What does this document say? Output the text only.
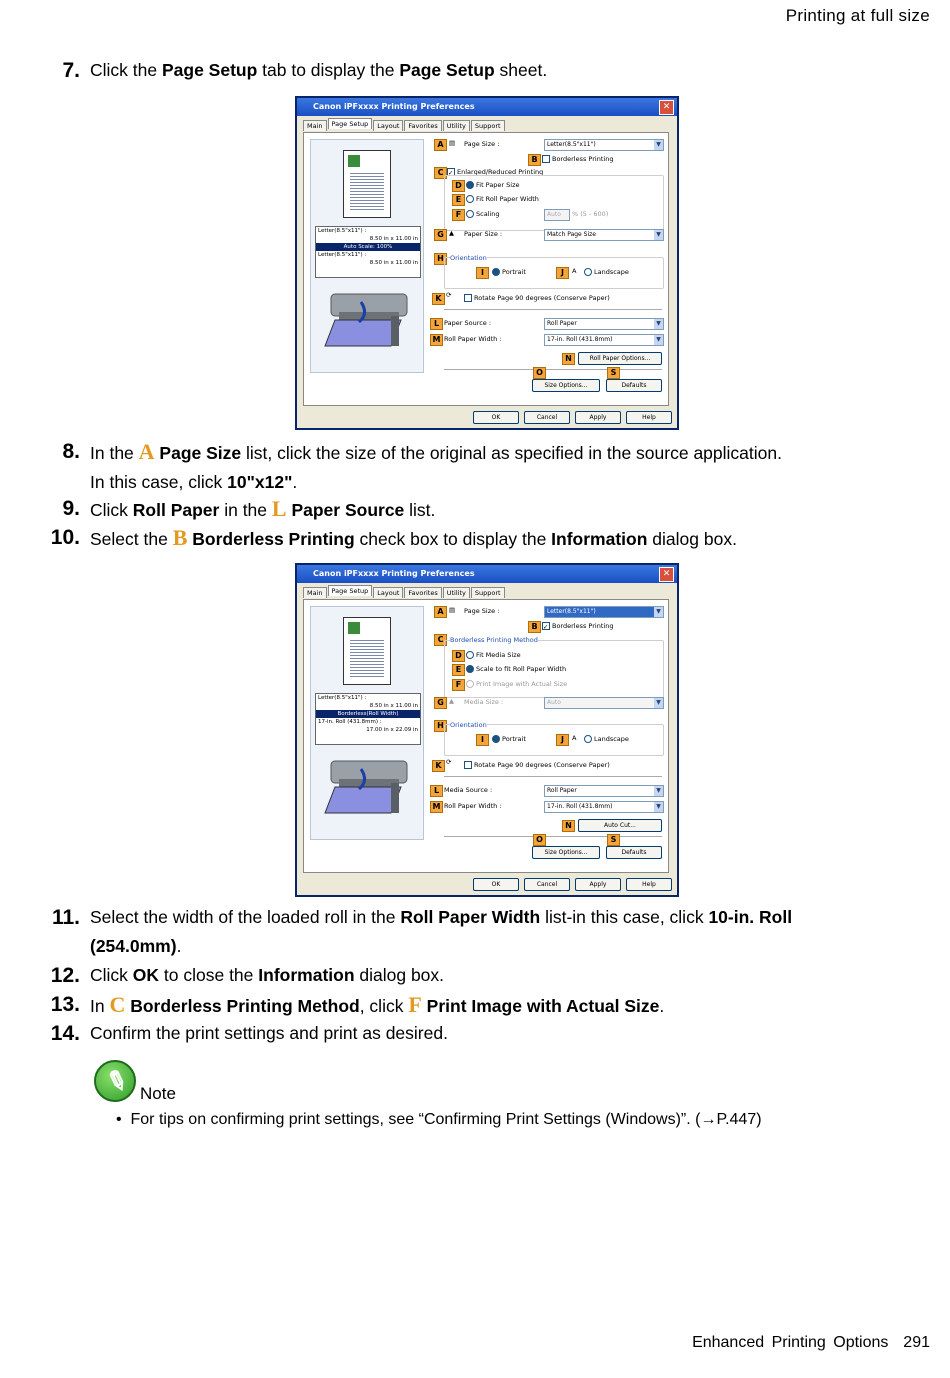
Printing at full size
7. Click the Page Setup tab to display the Page Setup sheet.
Canon iPFxxxx Printing Preferences	✕
Main Page Setup Layout Favorites Utility Support
Letter(8.5"x11") :
8.50 in x 11.00 in
Auto Scale: 100%
Letter(8.5"x11") :
8.50 in x 11.00 in
A ▤ Page Size :	Letter(8.5"x11")	▼
B	Borderless Printing
C ✓ Enlarged/Reduced Printing
D	Fit Paper Size
E	Fit Roll Paper Width
F	Scaling	Auto	% (5 - 600)
G ▲ Paper Size :	Match Page Size	▼
H Orientation
I	Portrait	J	A	Landscape
K ⟳	Rotate Page 90 degrees (Conserve Paper)
L Paper Source :	Roll Paper	▼
M Roll Paper Width :	17-in. Roll (431.8mm)	▼
N	Roll Paper Options...
O	S
Size Options...	Defaults
OK	Cancel	Apply	Help
8. In the A Page Size list, click the size of the original as specified in the source application.
In this case, click 10"x12".
9. Click Roll Paper in the L Paper Source list.
10. Select the B Borderless Printing check box to display the Information dialog box.
Canon iPFxxxx Printing Preferences	✕
Main Page Setup Layout Favorites Utility Support
Letter(8.5"x11") :
8.50 in x 11.00 in
Borderless(Roll Width)
17-in. Roll (431.8mm) :
17.00 in x 22.09 in
A ▤ Page Size :	Letter(8.5"x11")	▼
B ✓ Borderless Printing
C	Borderless Printing Method
D	Fit Media Size
E	Scale to fit Roll Paper Width
F	Print Image with Actual Size
G ▲ Media Size :	Auto	▼
H Orientation
I	Portrait	J	A	Landscape
K ⟳	Rotate Page 90 degrees (Conserve Paper)
L Media Source :	Roll Paper	▼
M Roll Paper Width :	17-in. Roll (431.8mm)	▼
N	Auto Cut...
O	S
Size Options...	Defaults
OK	Cancel	Apply	Help
11. Select the width of the loaded roll in the Roll Paper Width list-in this case, click 10-in. Roll
(254.0mm).
12. Click OK to close the Information dialog box.
13. In C Borderless Printing Method, click F Print Image with Actual Size.
14. Confirm the print settings and print as desired.
✎ Note
•  For tips on confirming print settings, see “Confirming Print Settings (Windows)”. (→P.447)
Enhanced Printing Options 291
